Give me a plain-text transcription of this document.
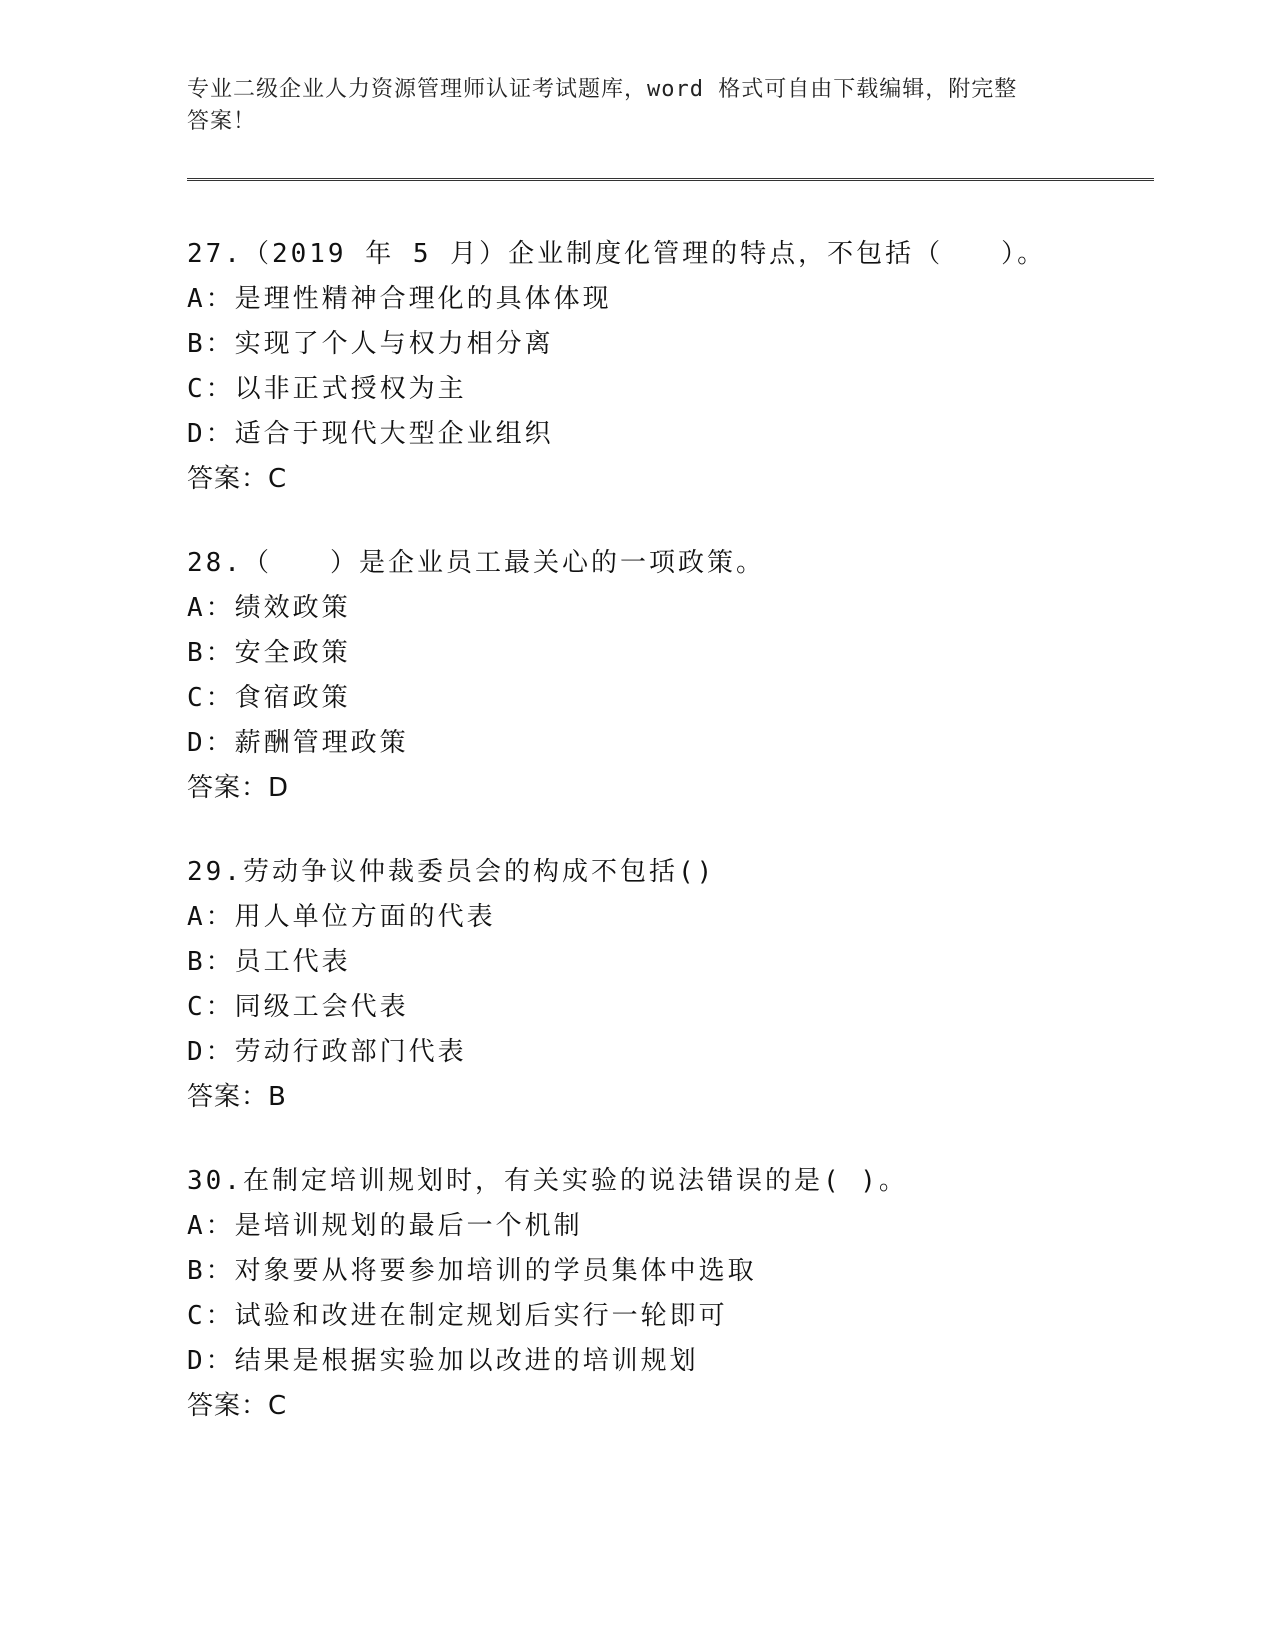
专业二级企业人力资源管理师认证考试题库，word 格式可自由下载编辑，附完整
答案！
27.（2019 年 5 月）企业制度化管理的特点，不包括（　　）。
A：是理性精神合理化的具体体现
B：实现了个人与权力相分离
C：以非正式授权为主
D：适合于现代大型企业组织
答案：C
28.（　　）是企业员工最关心的一项政策。
A：绩效政策
B：安全政策
C：食宿政策
D：薪酬管理政策
答案：D
29.劳动争议仲裁委员会的构成不包括()
A：用人单位方面的代表
B：员工代表
C：同级工会代表
D：劳动行政部门代表
答案：B
30.在制定培训规划时，有关实验的说法错误的是( )。
A：是培训规划的最后一个机制
B：对象要从将要参加培训的学员集体中选取
C：试验和改进在制定规划后实行一轮即可
D：结果是根据实验加以改进的培训规划
答案：C
